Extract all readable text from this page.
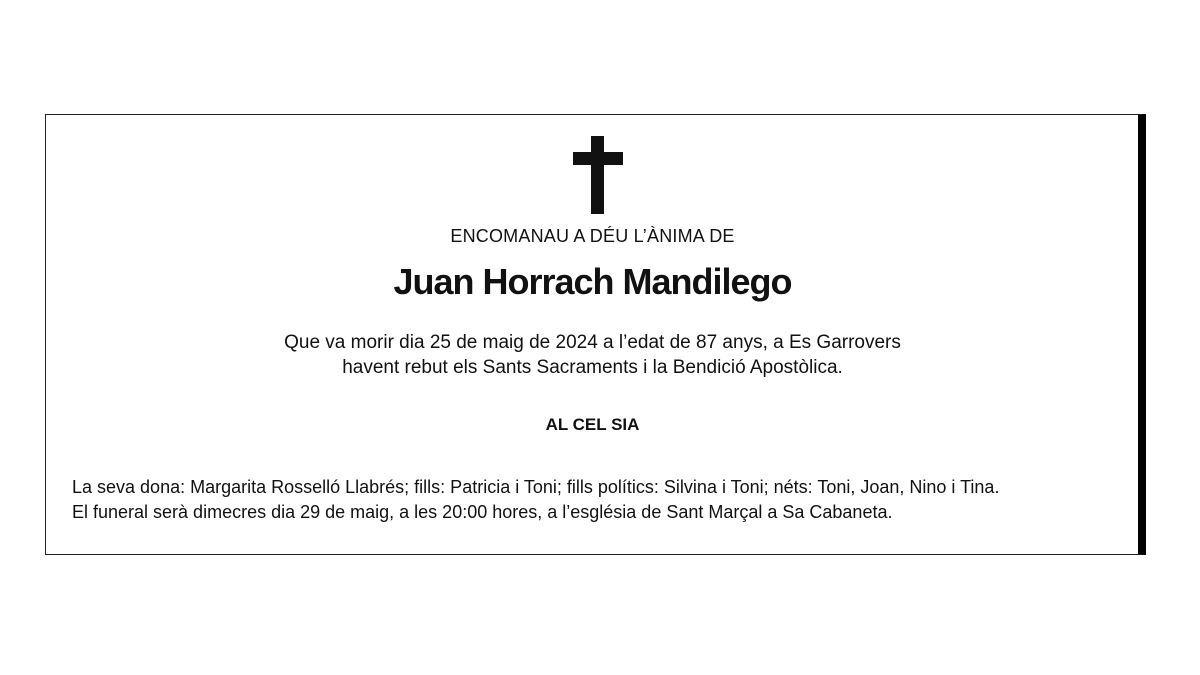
ENCOMANAU A DÉU L’ÀNIMA DE

Juan Horrach Mandilego

Que va morir dia 25 de maig de 2024 a l’edat de 87 anys, a Es Garrovers
havent rebut els Sants Sacraments i la Bendició Apostòlica.

AL CEL SIA

La seva dona: Margarita Rosselló Llabrés; fills: Patricia i Toni; fills polítics: Silvina i Toni; néts: Toni, Joan, Nino i Tina.
El funeral serà dimecres dia 29 de maig, a les 20:00 hores, a l’església de Sant Marçal a Sa Cabaneta.
